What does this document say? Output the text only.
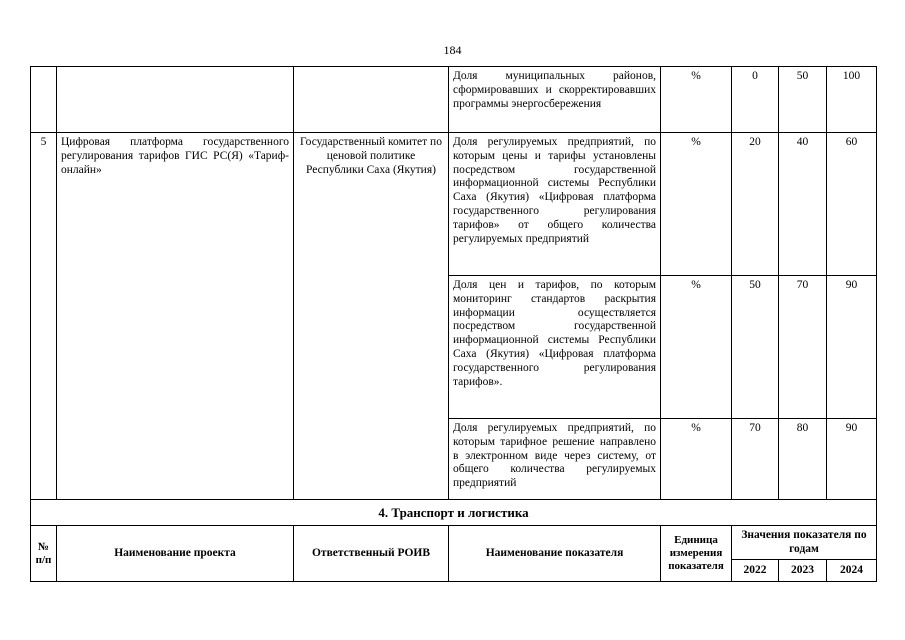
184
			Доля муниципальных районов, сформировавших и скорректировавших программы энергосбережения	%	0	50	100
5	Цифровая платформа государственного регулирования тарифов ГИС РС(Я) «Тариф-онлайн»	Государственный комитет по ценовой политике Республики Саха (Якутия)	Доля регулируемых предприятий, по которым цены и тарифы установлены посредством государственной информационной системы Республики Саха (Якутия) «Цифровая платформа государственного регулирования тарифов» от общего количества регулируемых предприятий	%	20	40	60
			Доля цен и тарифов, по которым мониторинг стандартов раскрытия информации осуществляется посредством государственной информационной системы Республики Саха (Якутия) «Цифровая платформа государственного регулирования тарифов».	%	50	70	90
			Доля регулируемых предприятий, по которым тарифное решение направлено в электронном виде через систему, от общего количества регулируемых предприятий	%	70	80	90
4. Транспорт и логистика							
№ п/п	Наименование проекта	Ответственный РОИВ	Наименование показателя	Единица измерения показателя	Значения показателя по годам		
					2022	2023	2024
